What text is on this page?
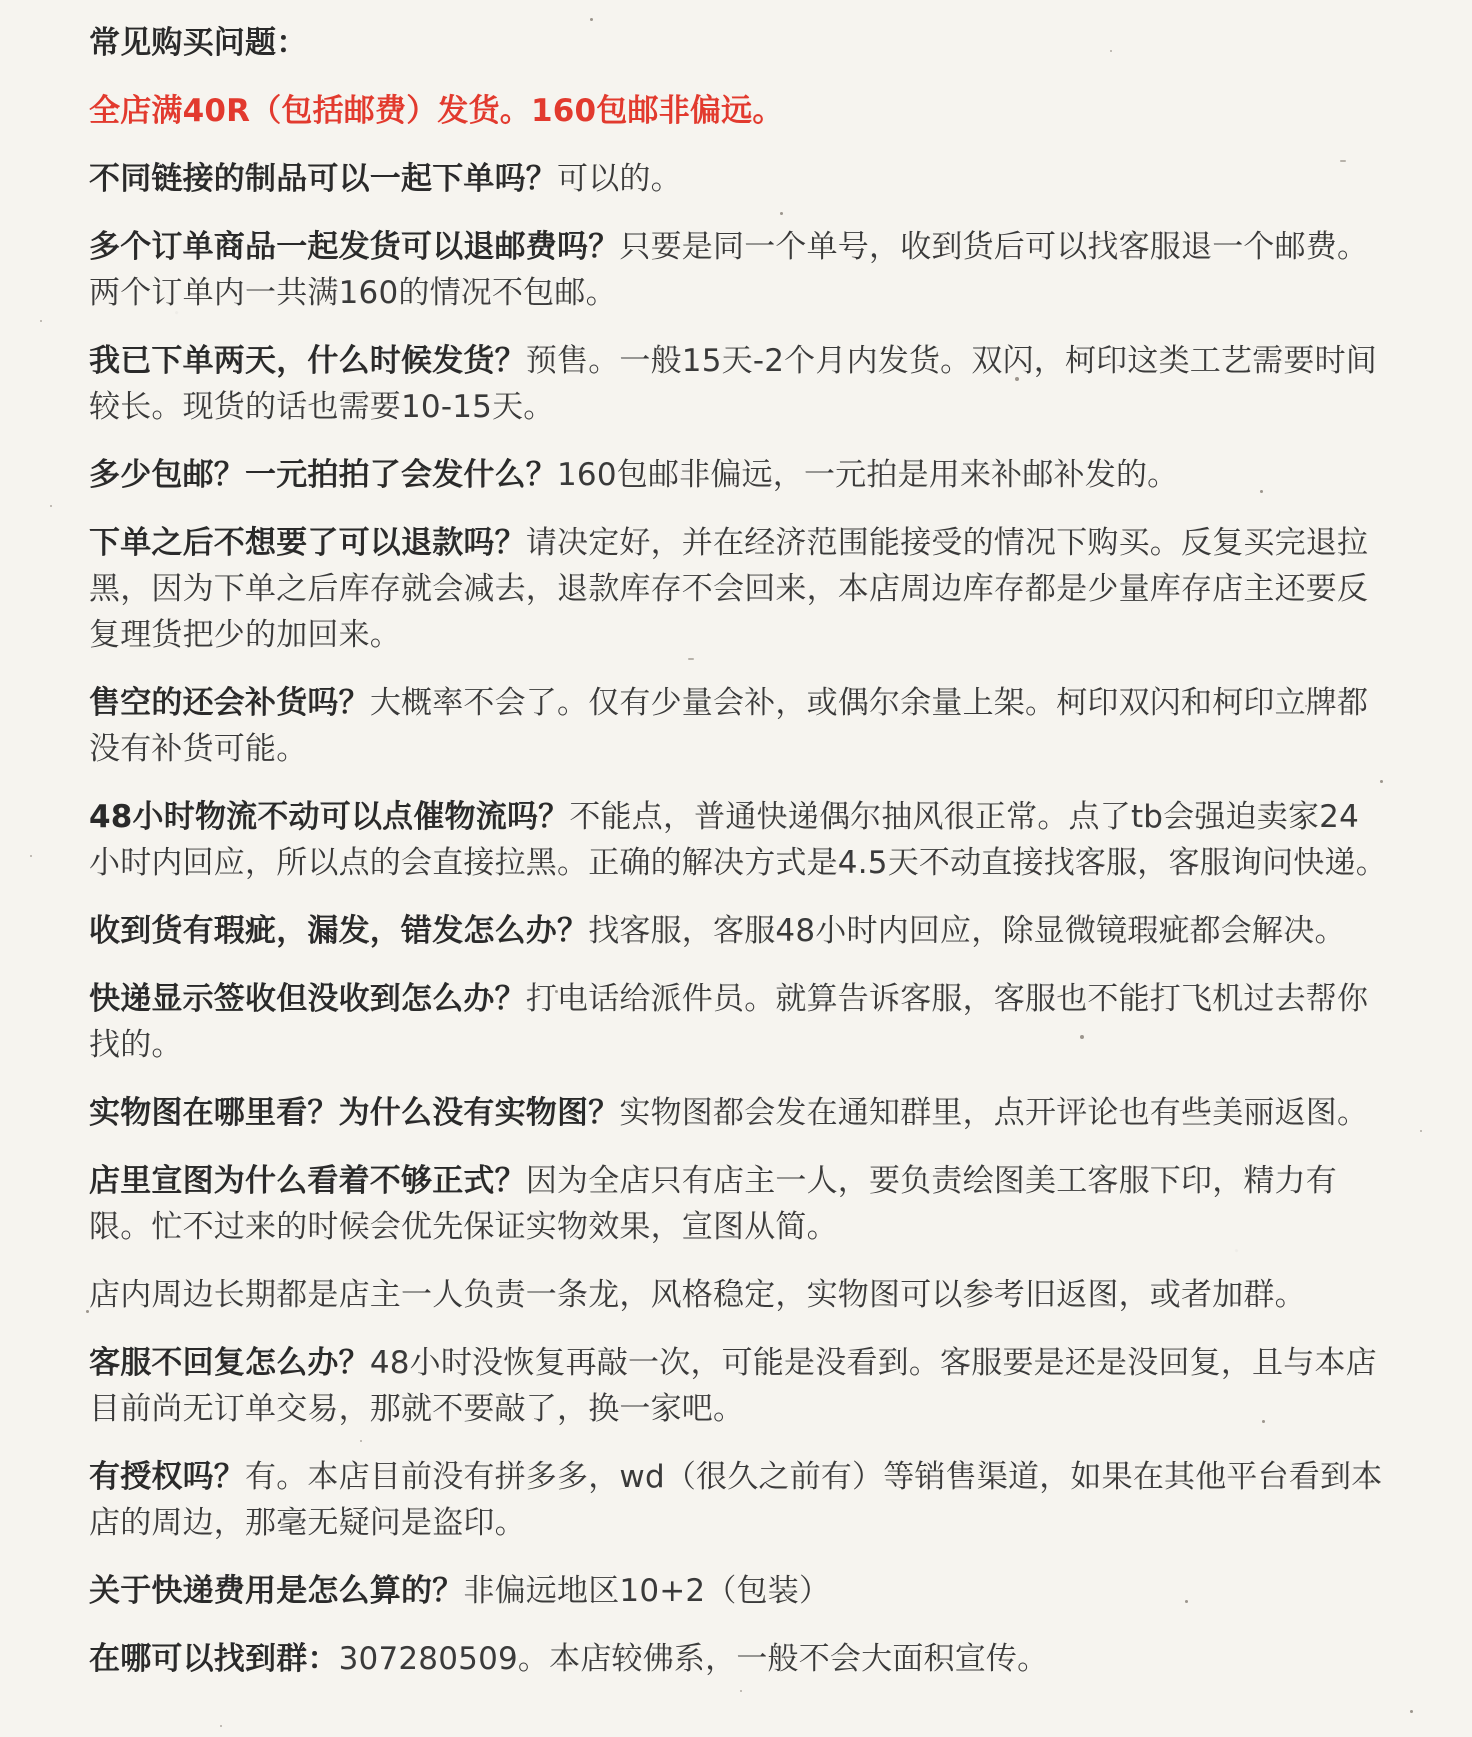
常见购买问题：

全店满40R（包括邮费）发货。160包邮非偏远。

不同链接的制品可以一起下单吗？可以的。

多个订单商品一起发货可以退邮费吗？只要是同一个单号，收到货后可以找客服退一个邮费。两个订单内一共满160的情况不包邮。

我已下单两天，什么时候发货？预售。一般15天-2个月内发货。双闪，柯印这类工艺需要时间较长。现货的话也需要10-15天。

多少包邮？一元拍拍了会发什么？160包邮非偏远，一元拍是用来补邮补发的。

下单之后不想要了可以退款吗？请决定好，并在经济范围能接受的情况下购买。反复买完退拉黑，因为下单之后库存就会减去，退款库存不会回来，本店周边库存都是少量库存店主还要反复理货把少的加回来。

售空的还会补货吗？大概率不会了。仅有少量会补，或偶尔余量上架。柯印双闪和柯印立牌都没有补货可能。

48小时物流不动可以点催物流吗？不能点，普通快递偶尔抽风很正常。点了tb会强迫卖家24小时内回应，所以点的会直接拉黑。正确的解决方式是4.5天不动直接找客服，客服询问快递。

收到货有瑕疵，漏发，错发怎么办？找客服，客服48小时内回应，除显微镜瑕疵都会解决。

快递显示签收但没收到怎么办？打电话给派件员。就算告诉客服，客服也不能打飞机过去帮你找的。

实物图在哪里看？为什么没有实物图？实物图都会发在通知群里，点开评论也有些美丽返图。

店里宣图为什么看着不够正式？因为全店只有店主一人，要负责绘图美工客服下印，精力有限。忙不过来的时候会优先保证实物效果，宣图从简。

店内周边长期都是店主一人负责一条龙，风格稳定，实物图可以参考旧返图，或者加群。

客服不回复怎么办？48小时没恢复再敲一次，可能是没看到。客服要是还是没回复，且与本店目前尚无订单交易，那就不要敲了，换一家吧。

有授权吗？有。本店目前没有拼多多，wd（很久之前有）等销售渠道，如果在其他平台看到本店的周边，那毫无疑问是盗印。

关于快递费用是怎么算的？非偏远地区10+2（包装）

在哪可以找到群：307280509。本店较佛系，一般不会大面积宣传。
